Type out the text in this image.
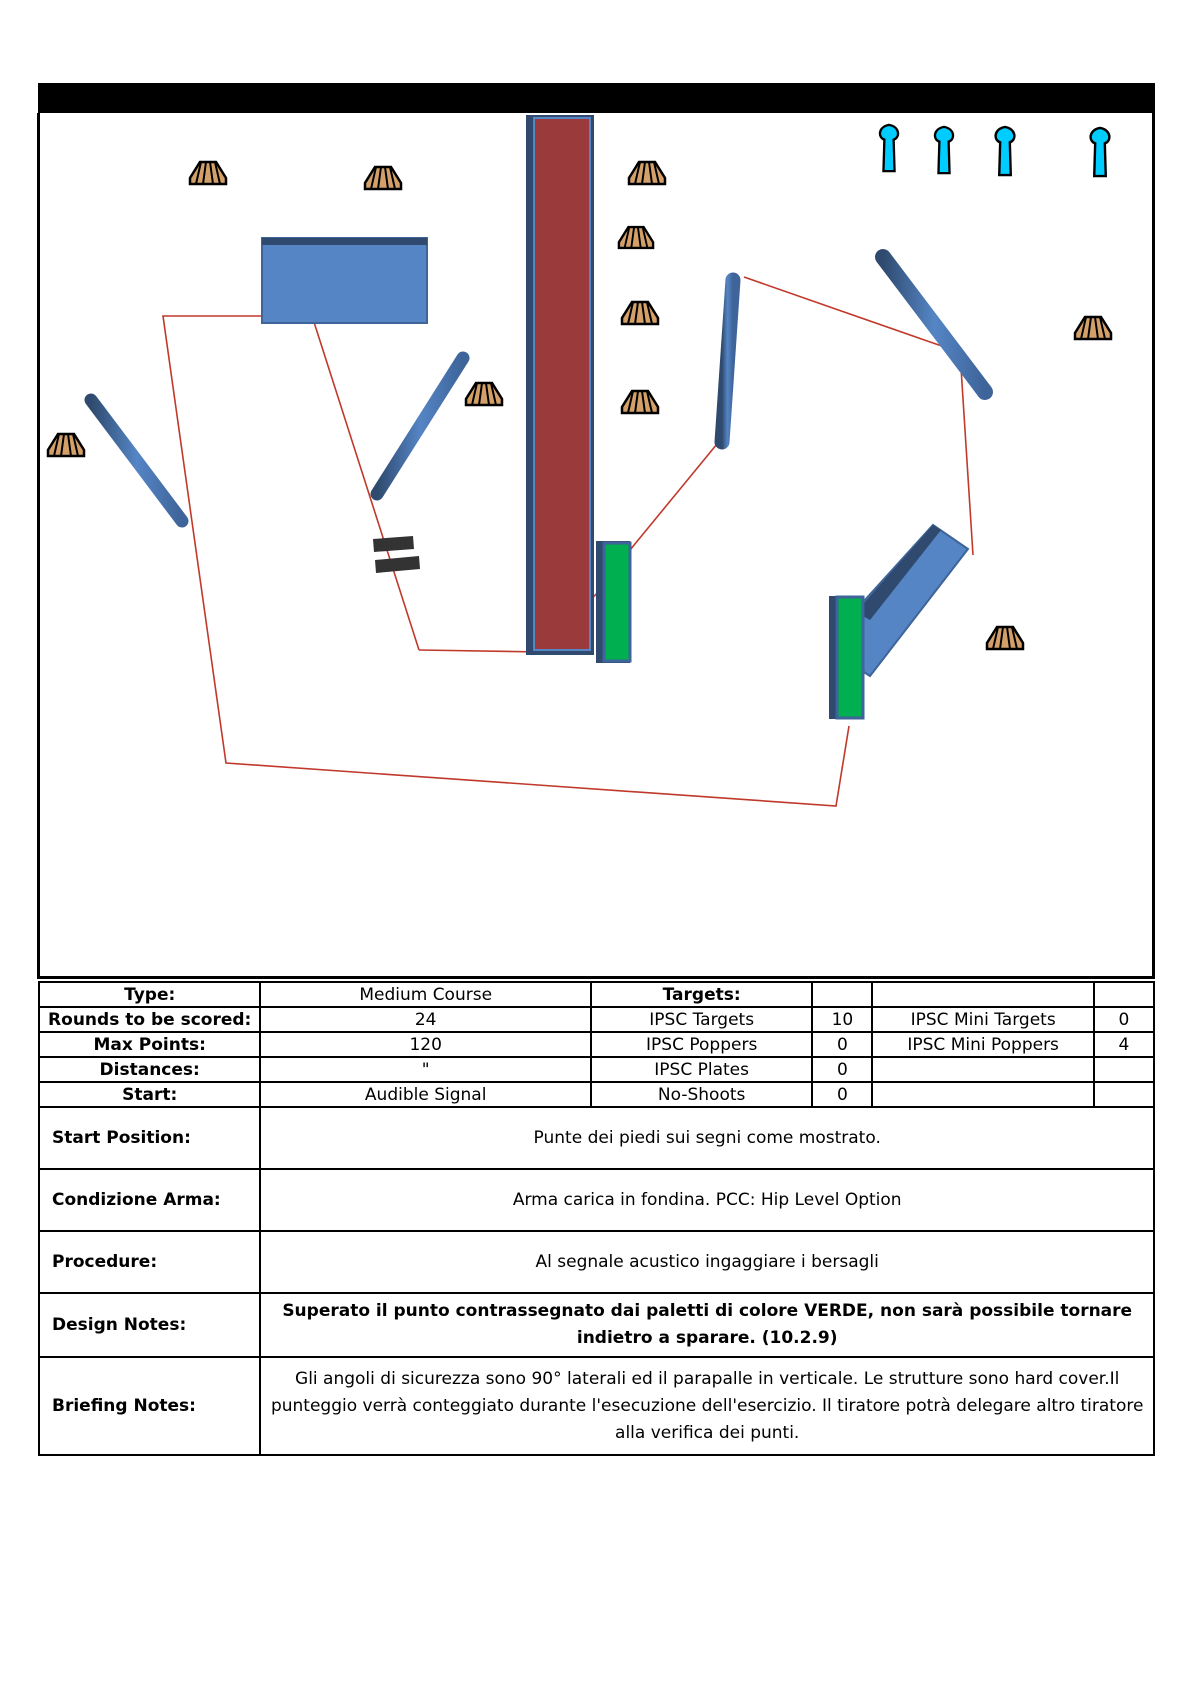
Type:	Medium Course	Targets:			
Rounds to be scored:	24	IPSC Targets	10	IPSC Mini Targets	0
Max Points:	120	IPSC Poppers	0	IPSC Mini Poppers	4
Distances:	"	IPSC Plates	0		
Start:	Audible Signal	No-Shoots	0		
Start Position:	Punte dei piedi sui segni come mostrato.				
Condizione Arma:	Arma carica in fondina. PCC: Hip Level Option				
Procedure:	Al segnale acustico ingaggiare i bersagli				
Design Notes:	Superato il punto contrassegnato dai paletti di colore VERDE, non sarà possibile tornare indietro a sparare. (10.2.9)				
Briefing Notes:	Gli angoli di sicurezza sono 90° laterali ed il parapalle in verticale. Le strutture sono hard cover.Il punteggio verrà conteggiato durante l'esecuzione dell'esercizio. Il tiratore potrà delegare altro tiratore alla verifica dei punti.				
